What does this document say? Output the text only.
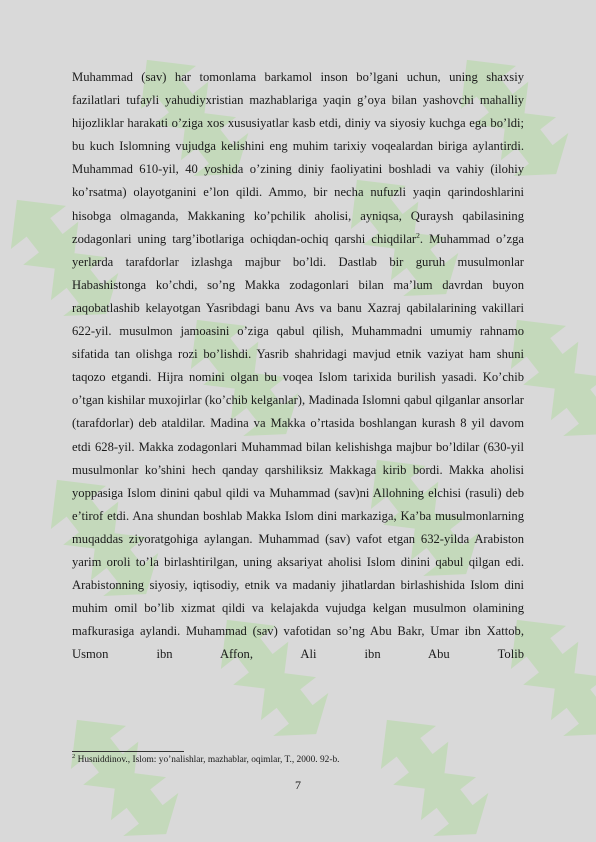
Muhammad (sav) har tomonlama barkamol inson bo’lgani uchun, uning shaxsiy fazilatlari tufayli yahudiyxristian mazhablariga yaqin g’oya bilan yashovchi mahalliy hijozliklar harakati o’ziga xos xususiyatlar kasb etdi, diniy va siyosiy kuchga ega bo’ldi; bu kuch Islomning vujudga kelishini eng muhim tarixiy voqealardan biriga aylantirdi. Muhammad 610-yil, 40 yoshida o’zining diniy faoliyatini boshladi va vahiy (ilohiy ko’rsatma) olayotganini e’lon qildi. Ammo, bir necha nufuzli yaqin qarindoshlarini hisobga olmaganda, Makkaning ko’pchilik aholisi, ayniqsa, Quraysh qabilasining zodagonlari uning targ’ibotlariga ochiqdan-ochiq qarshi chiqdilar$^2$. Muhammad o’zga yerlarda tarafdorlar izlashga majbur bo’ldi. Dastlab bir guruh musulmonlar Habashistonga ko’chdi, so’ng Makka zodagonlari bilan ma’lum davrdan buyon raqobatlashib kelayotgan Yasribdagi banu Avs va banu Xazraj qabilalarining vakillari 622-yil. musulmon jamoasini o’ziga qabul qilish, Muhammadni umumiy rahnamo sifatida tan olishga rozi bo’lishdi. Yasrib shahridagi mavjud etnik vaziyat ham shuni taqozo etgandi. Hijra nomini olgan bu voqea Islom tarixida burilish yasadi. Ko’chib o’tgan kishilar muxojirlar (ko’chib kelganlar), Madinada Islomni qabul qilganlar ansorlar (tarafdorlar) deb ataldilar. Madina va Makka o’rtasida boshlangan kurash 8 yil davom etdi 628-yil. Makka zodagonlari Muhammad bilan kelishishga majbur bo’ldilar (630-yil musulmonlar ko’shini hech qanday qarshiliksiz Makkaga kirib bordi. Makka aholisi yoppasiga Islom dinini qabul qildi va Muhammad (sav)ni Allohning elchisi (rasuli) deb e’tirof etdi. Ana shundan boshlab Makka Islom dini markaziga, Ka’ba musulmonlarning muqaddas ziyoratgohiga aylangan. Muhammad (sav) vafot etgan 632-yilda Arabiston yarim oroli to’la birlashtirilgan, uning aksariyat aholisi Islom dinini qabul qilgan edi. Arabistonning siyosiy, iqtisodiy, etnik va madaniy jihatlardan birlashishida Islom dini muhim omil bo’lib xizmat qildi va kelajakda vujudga kelgan musulmon olamining mafkurasiga aylandi. Muhammad (sav) vafotidan so’ng Abu Bakr, Umar ibn Xattob, Usmon ibn Affon, Ali ibn Abu Tolib

$^2$ Husniddinov., Islom: yo’nalishlar, mazhablar, oqimlar, T., 2000. 92-b.
7
